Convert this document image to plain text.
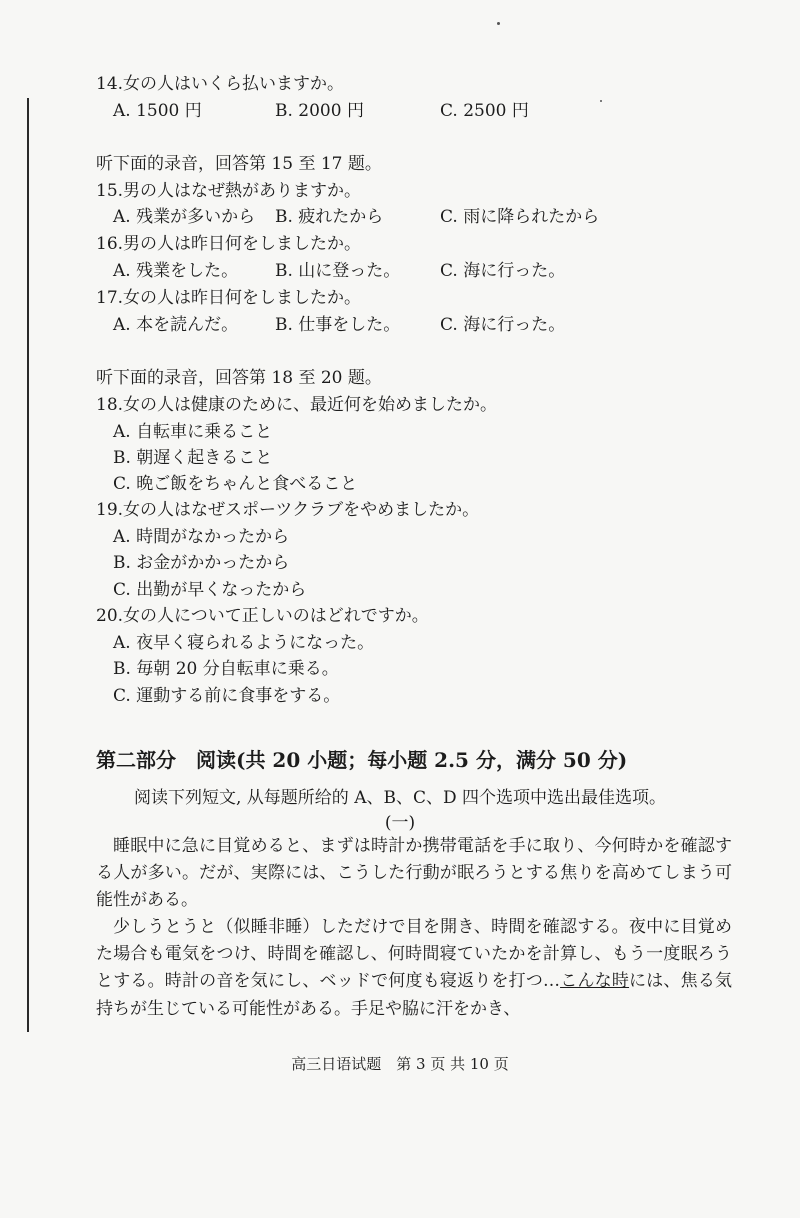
14.女の人はいくら払いますか。
A. 1500 円	B. 2000 円	C. 2500 円
听下面的录音，回答第 15 至 17 题。
15.男の人はなぜ熱がありますか。
A. 残業が多いから B. 疲れたから	C. 雨に降られたから
16.男の人は昨日何をしましたか。
A. 残業をした。 B. 山に登った。 C. 海に行った。
17.女の人は昨日何をしましたか。
A. 本を読んだ。 B. 仕事をした。 C. 海に行った。
听下面的录音，回答第 18 至 20 题。
18.女の人は健康のために、最近何を始めましたか。
A. 自転車に乗ること
B. 朝遅く起きること
C. 晩ご飯をちゃんと食べること
19.女の人はなぜスポーツクラブをやめましたか。
A. 時間がなかったから
B. お金がかかったから
C. 出勤が早くなったから
20.女の人について正しいのはどれですか。
A. 夜早く寝られるようになった。
B. 毎朝 20 分自転車に乗る。
C. 運動する前に食事をする。
第二部分　阅读(共 20 小题；每小题 2.5 分，满分 50 分)
阅读下列短文, 从每题所给的 A、B、C、D 四个选项中选出最佳选项。
(一)

睡眠中に急に目覚めると、まずは時計か携帯電話を手に取り、今何時かを確認する人が多い。だが、実際には、こうした行動が眠ろうとする焦りを高めてしまう可能性がある。

少しうとうと（似睡非睡）しただけで目を開き、時間を確認する。夜中に目覚めた場合も電気をつけ、時間を確認し、何時間寝ていたかを計算し、もう一度眠ろうとする。時計の音を気にし、ベッドで何度も寝返りを打つ…こんな時には、焦る気持ちが生じている可能性がある。手足や脇に汗をかき、

高三日语试题　第 3 页 共 10 页
